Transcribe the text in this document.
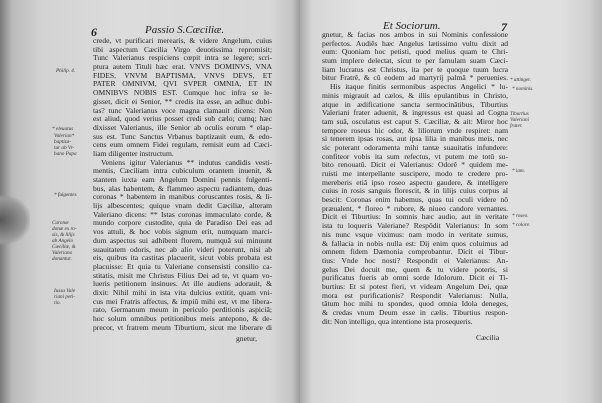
6	Passio S.Cæciliæ.
crede, vt purificari merearis, & videre Angelum, cuius
tibi aspectum Cæcilia Virgo deuotissima repromisit;
Tunc Valerianus respiciens cœpit intra se legere; scri-
ptura autem Tituli hæc erat. VNVS DOMINVS, VNA
FIDES, VNVM BAPTISMA, VNVS DEVS, ET
PATER OMNIVM, QVI SVPER OMNIA, ET IN
OMNIBVS NOBIS EST. Cumque hoc infra se le-
gisset, dicit ei Senior, ** credis ita esse, an adhuc dubi-
tas? tunc Valerianus voce magna clamauit dicens: Non
est aliud, quod verius posset credi sub cælo; cumq; hæc
dixisset Valerianus, ille Senior ab oculis eorum * elap-
sus est. Tunc Sanctus Vrbanus baptizauit eum, & edo-
cens eum omnem Fidei regulam, remisit eum ad Cæci-
liam diligenter instructum.
Veniens igitur Valerianus ** indutus candidis vesti-
mentis, Cæciliam intra cubiculum orantem inuenit, &
stantem iuxta eam Angelum Domini pennis fulgenti-
bus, alas habentem, & flammeo aspectu radiantem, duas
coronas * habentem in manibus coruscantes rosis, & li-
lijs albescentes; quique vnam dedit Cæciliæ, alteram
Valeriano dicens: ** Istas coronas immaculato corde, &
mundo corpore custodite, quia de Paradiso Dei eas ad
vos attuli, & hoc vobis signum erit, numquam marci-
dum aspectus sui adhibent florem, numquã sui minuunt
suauitatem odoris, nec ab alio videri poterunt, nisi ab
eis, quibus ita castitas placuerit, sicut vobis probata est
placuisse: Et quia tu Valeriane consensisti consilio ca-
stitatis, misit me Christus Filius Dei ad te, vt quam vo-
lueris petitionem insinues. At ille audiens adorauit, &
dixit: Nihil mihi in ista vita dulcius extitit, quam vni-
cus mei Fratris affectus, & impiũ mihi est, vt me libera-
rato, Germanum meum in periculo perditionis aspiciã;
hoc solum omnibus petitionibus meis antepono, & de-
precor, vt fratrem meum Tiburtium, sicut me liberare di
gnetur,
Philip. 4.
* eleuatus
Valerian*
baptiza-
tur ab Vr-
bano Papa
* fulgentes
Coronæ
donæ ex ro-
sis, & lilijs
ab Angelo
Cæciliæ, &
Valeriano
donantur.
Iussa Vale
riani peti-
tio.
Et Sociorum.	7
gnetur, & facias nos ambos in sui Nominis confessione
perfectos. Audiẽs hæc Angelus lætissimo vultu dixit ad
eum: Quoniam hoc petisti, quod melius quam te Chri-
stum implere delectat, sicut te per famulam suam Cæci-
liam lucratus est Christus, ita per te quoque tuum lucra
bitur Fratrẽ, & cũ eodem ad martyrij palmã * peruenies.
His itaque finitis sermonibus aspectus Angelici * lu-
minis migrauit ad cælos, & illis epulantibus in Christo,
atque in ædificatione sancta sermocinãtibus, Tiburtius
Valeriani frater aduenit, & ingressus est quasi ad Cogna
tam suã, osculatus est caput S. Cæciliæ, & ait: Miror hoc
tempore roseus hic odor, & liliorum vnde respiret: nam
si tenerem ipsas rosas, aut ipsa lilia in manibus meis, nec
sic poterant odoramenta mihi tantæ suauitatis infundere:
confiteor vobis ita sum refectus, vt putem me totũ su-
bito renouatũ. Dicit ei Valerianus: Odorẽ * quidem me-
ruisti me interpellante suscipere, modo te credere pro-
mereberis etiã ipso roseo aspectu gaudere, & intelligere
cuius in rosis sanguis florescit, & in lilijs cuius corpus al
bescit: Coronas enim habemus, quas tui oculi videre nõ
præualent, * floreo * rubore, & niueo candore vernantes.
Dicit ei Tiburtius: In somnis hæc audio, aut in veritate
ista tu loqueris Valeriane? Respõdit Valerianus: In som
nis nunc vsque viximus: nam modo in veritate sumus,
& fallacia in nobis nulla est: Dij enim quos coluimus ad
omnem fidem Dæmonia comprobantur. Dicit ei Tibur-
tius: Vnde hoc nosti? Respondit ei Valerianus: An-
gelus Dei docuit me, quem & tu videre poteris, si
purificatus fueris ab omni sorde Idolorum. Dicit ei Ti-
burtius: Et si potest fieri, vt videam Angelum Dei, quæ
mora est purificationis? Respondit Valerianus: Nulla,
tãtum hoc mihi tu spondes, quod omnia Idola deneges,
& credas vnum Deum esse in cælis. Tiburtius respon-
dit: Non intelligo, qua intentione ista prosequeris.
Cæcilia
* attinget.
* nominis.
Tiburtius
Valeriani
frater.
* iam.
* roseo.
* colore.
